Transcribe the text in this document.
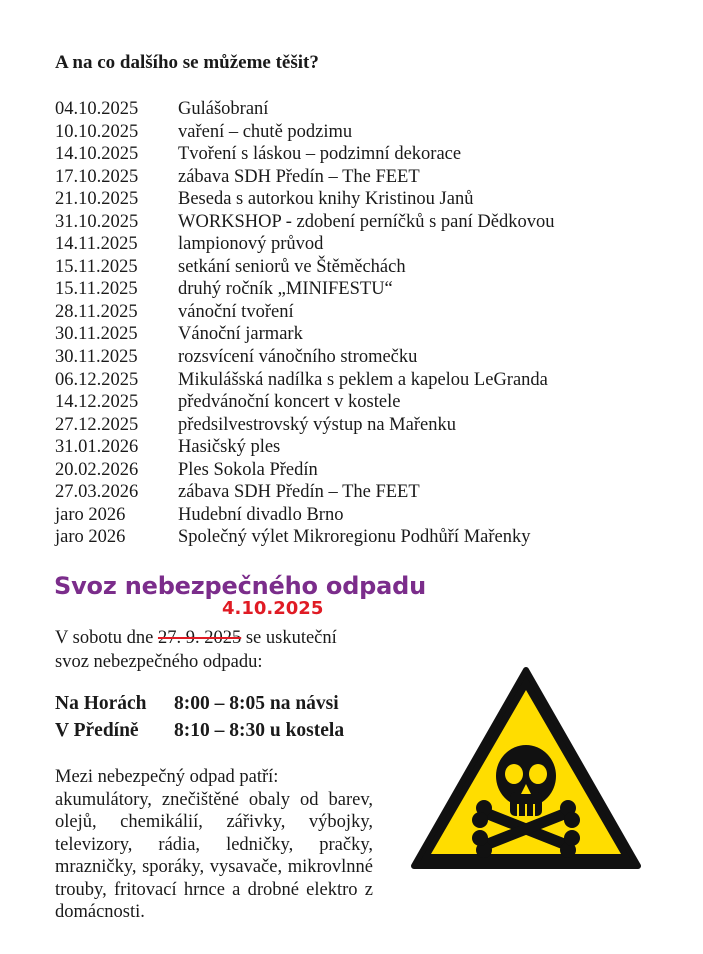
A na co dalšího se můžeme těšit?
04.10.2025	Gulášobraní
10.10.2025	vaření – chutě podzimu
14.10.2025	Tvoření s láskou – podzimní dekorace
17.10.2025	zábava SDH Předín – The FEET
21.10.2025	Beseda s autorkou knihy Kristinou Janů
31.10.2025	WORKSHOP - zdobení perníčků s paní Dědkovou
14.11.2025	lampionový průvod
15.11.2025	setkání seniorů ve Štěměchách
15.11.2025	druhý ročník „MINIFESTU“
28.11.2025	vánoční tvoření
30.11.2025	Vánoční jarmark
30.11.2025	rozsvícení vánočního stromečku
06.12.2025	Mikulášská nadílka s peklem a kapelou LeGranda
14.12.2025	předvánoční koncert v kostele
27.12.2025	předsilvestrovský výstup na Mařenku
31.01.2026	Hasičský ples
20.02.2026	Ples Sokola Předín
27.03.2026	zábava SDH Předín – The FEET
jaro 2026	Hudební divadlo Brno
jaro 2026	Společný výlet Mikroregionu Podhůří Mařenky
Svoz nebezpečného odpadu
4.10.2025
V sobotu dne 27. 9. 2025 se uskuteční
svoz nebezpečného odpadu:
Na Horách	8:00 – 8:05 na návsi
V Předíně	8:10 – 8:30 u kostela
Mezi nebezpečný odpad patří:
akumulátory, znečištěné obaly od barev, olejů, chemikálií, zářivky, výbojky, televizory, rádia, ledničky, pračky, mrazničky, sporáky, vysavače, mikrovlnné trouby, fritovací hrnce a drobné elektro z domácnosti.
